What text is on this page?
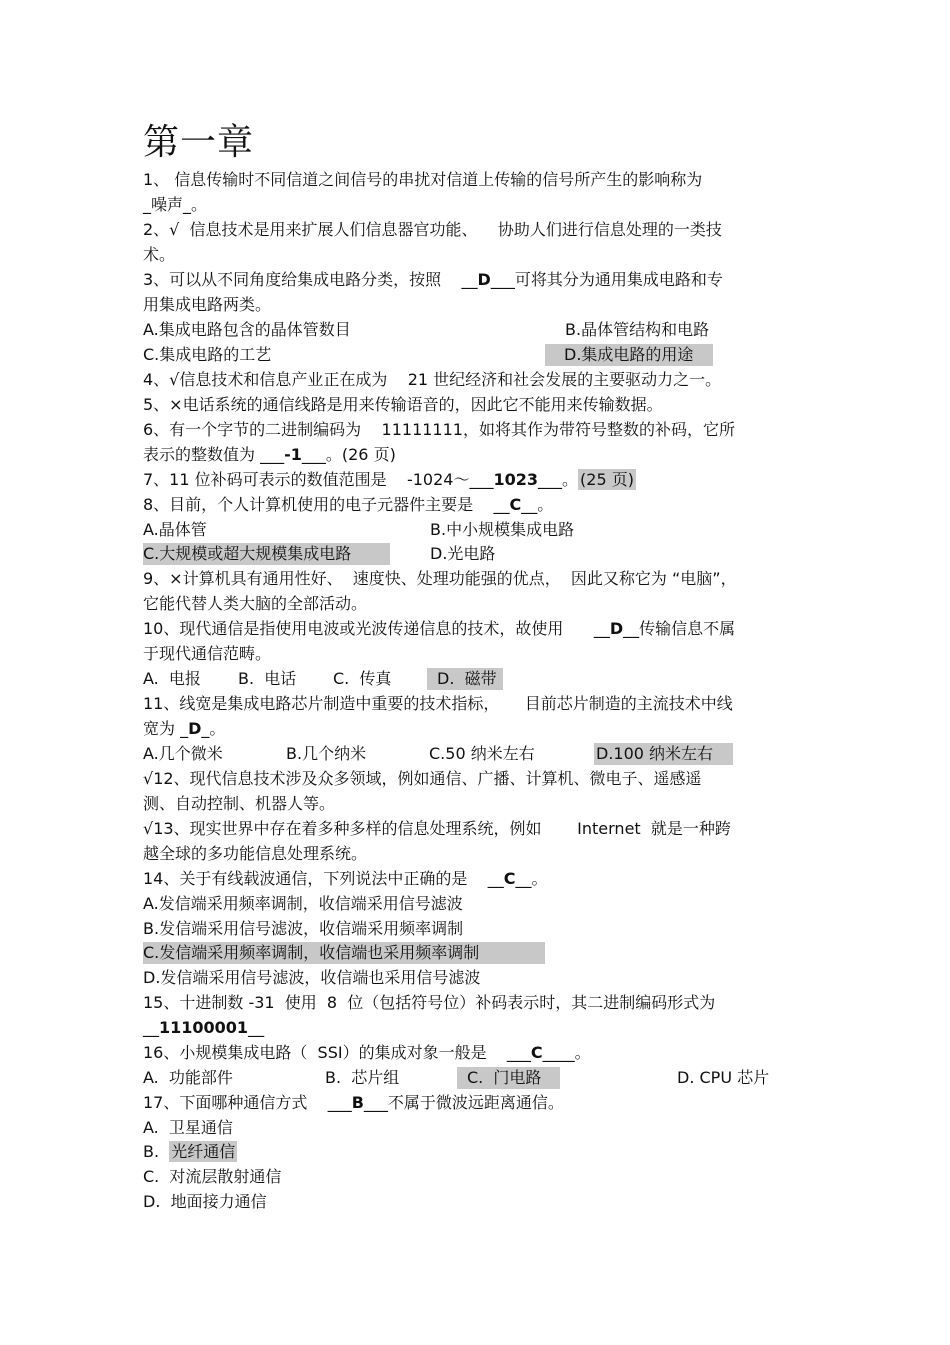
第一章
1、 信息传输时不同信道之间信号的串扰对信道上传输的信号所产生的影响称为
_噪声_。
2、√  信息技术是用来扩展人们信息器官功能、    协助人们进行信息处理的一类技
术。
3、可以从不同角度给集成电路分类，按照    __D___可将其分为通用集成电路和专
用集成电路两类。
A.集成电路包含的晶体管数目	B.晶体管结构和电路
C.集成电路的工艺	D.集成电路的用途
4、√信息技术和信息产业正在成为    21 世纪经济和社会发展的主要驱动力之一。
5、×电话系统的通信线路是用来传输语音的，因此它不能用来传输数据。
6、有一个字节的二进制编码为    11111111，如将其作为带符号整数的补码，它所
表示的整数值为 ___-1___。(26 页)
7、11 位补码可表示的数值范围是    -1024～___1023___。 (25 页)
8、目前，个人计算机使用的电子元器件主要是    __C__。
A.晶体管	B.中小规模集成电路
C.大规模或超大规模集成电路	D.光电路
9、×计算机具有通用性好、  速度快、处理功能强的优点，  因此又称它为 “电脑”，
它能代替人类大脑的全部活动。
10、现代通信是指使用电波或光波传递信息的技术，故使用      __D__传输信息不属
于现代通信范畴。
A.  电报 B.  电话 C.  传真	D.  磁带
11、线宽是集成电路芯片制造中重要的技术指标，     目前芯片制造的主流技术中线
宽为 _D_。
A.几个微米	B.几个纳米	C.50 纳米左右	D.100 纳米左右
√12、现代信息技术涉及众多领域，例如通信、广播、计算机、微电子、遥感遥
测、自动控制、机器人等。
√13、现实世界中存在着多种多样的信息处理系统，例如       Internet  就是一种跨
越全球的多功能信息处理系统。
14、关于有线载波通信，下列说法中正确的是    __C__。
A.发信端采用频率调制，收信端采用信号滤波
B.发信端采用信号滤波，收信端采用频率调制
C.发信端采用频率调制，收信端也采用频率调制
D.发信端采用信号滤波，收信端也采用信号滤波
15、十进制数 -31  使用  8  位（包括符号位）补码表示时，其二进制编码形式为
__11100001__
16、小规模集成电路（  SSI）的集成对象一般是    ___C____。
A.  功能部件	B.  芯片组	C.  门电路	D. CPU 芯片
17、下面哪种通信方式    ___B___不属于微波远距离通信。
A.  卫星通信
B.  光纤通信
C.  对流层散射通信
D.  地面接力通信
